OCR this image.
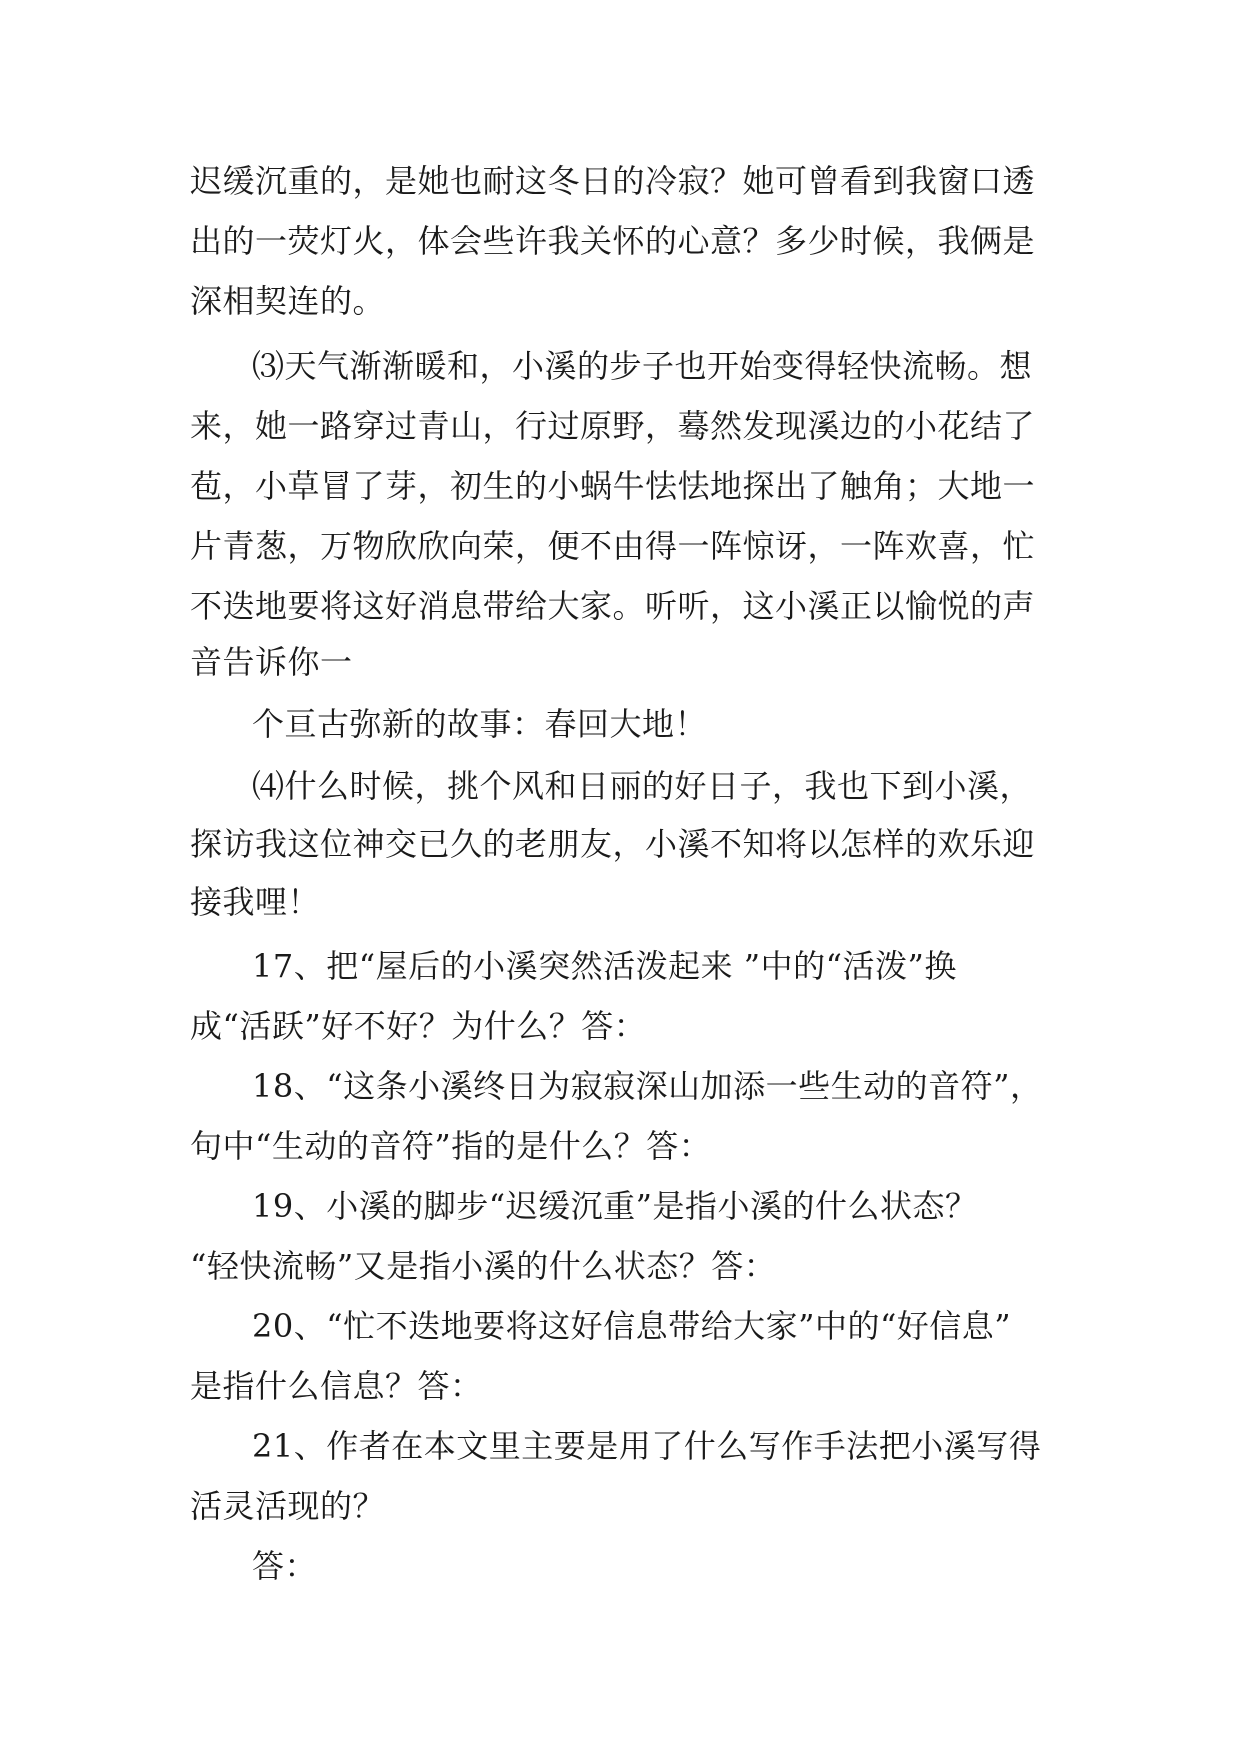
迟缓沉重的，是她也耐这冬日的冷寂？她可曾看到我窗口透
出的一荧灯火，体会些许我关怀的心意？多少时候，我俩是
深相契连的。
⑶天气渐渐暖和，小溪的步子也开始变得轻快流畅。想
来，她一路穿过青山，行过原野，蓦然发现溪边的小花结了
苞，小草冒了芽，初生的小蜗牛怯怯地探出了触角；大地一
片青葱，万物欣欣向荣，便不由得一阵惊讶，一阵欢喜，忙
不迭地要将这好消息带给大家。听听，这小溪正以愉悦的声
音告诉你一
个亘古弥新的故事：春回大地！
⑷什么时候，挑个风和日丽的好日子，我也下到小溪，
探访我这位神交已久的老朋友，小溪不知将以怎样的欢乐迎
接我哩！
17、把“屋后的小溪突然活泼起来 ”中的“活泼”换
成“活跃”好不好？为什么？答：
18、“这条小溪终日为寂寂深山加添一些生动的音符”，
句中“生动的音符”指的是什么？答：
19、小溪的脚步“迟缓沉重”是指小溪的什么状态？
“轻快流畅”又是指小溪的什么状态？答：
20、“忙不迭地要将这好信息带给大家”中的“好信息”
是指什么信息？答：
21、作者在本文里主要是用了什么写作手法把小溪写得
活灵活现的？
答：
